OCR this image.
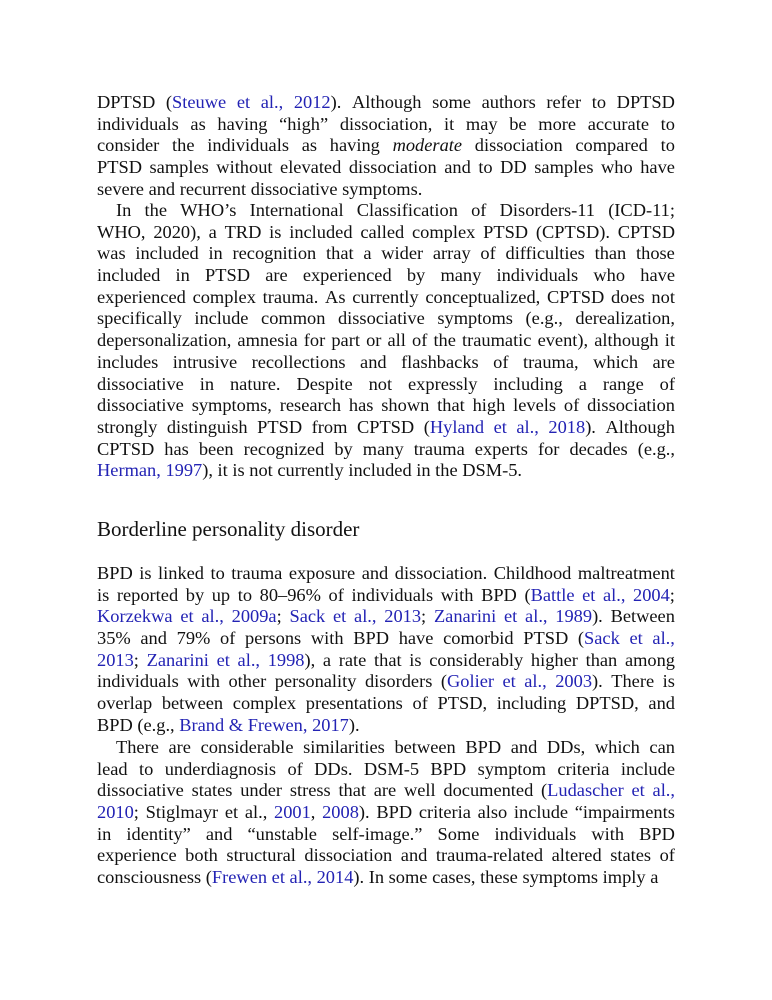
DPTSD (Steuwe et al., 2012). Although some authors refer to DPTSD
individuals as having “high” dissociation, it may be more accurate to
consider the individuals as having moderate dissociation compared to
PTSD samples without elevated dissociation and to DD samples who have
severe and recurrent dissociative symptoms.
In the WHO’s International Classification of Disorders-11 (ICD-11;
WHO, 2020), a TRD is included called complex PTSD (CPTSD). CPTSD
was included in recognition that a wider array of difficulties than those
included in PTSD are experienced by many individuals who have
experienced complex trauma. As currently conceptualized, CPTSD does not
specifically include common dissociative symptoms (e.g., derealization,
depersonalization, amnesia for part or all of the traumatic event), although it
includes intrusive recollections and flashbacks of trauma, which are
dissociative in nature. Despite not expressly including a range of
dissociative symptoms, research has shown that high levels of dissociation
strongly distinguish PTSD from CPTSD (Hyland et al., 2018). Although
CPTSD has been recognized by many trauma experts for decades (e.g.,
Herman, 1997), it is not currently included in the DSM-5.
Borderline personality disorder
BPD is linked to trauma exposure and dissociation. Childhood maltreatment
is reported by up to 80–96% of individuals with BPD (Battle et al., 2004;
Korzekwa et al., 2009a; Sack et al., 2013; Zanarini et al., 1989). Between
35% and 79% of persons with BPD have comorbid PTSD (Sack et al.,
2013; Zanarini et al., 1998), a rate that is considerably higher than among
individuals with other personality disorders (Golier et al., 2003). There is
overlap between complex presentations of PTSD, including DPTSD, and
BPD (e.g., Brand & Frewen, 2017).
There are considerable similarities between BPD and DDs, which can
lead to underdiagnosis of DDs. DSM-5 BPD symptom criteria include
dissociative states under stress that are well documented (Ludascher et al.,
2010; Stiglmayr et al., 2001, 2008). BPD criteria also include “impairments
in identity” and “unstable self-image.” Some individuals with BPD
experience both structural dissociation and trauma-related altered states of
consciousness (Frewen et al., 2014). In some cases, these symptoms imply a
